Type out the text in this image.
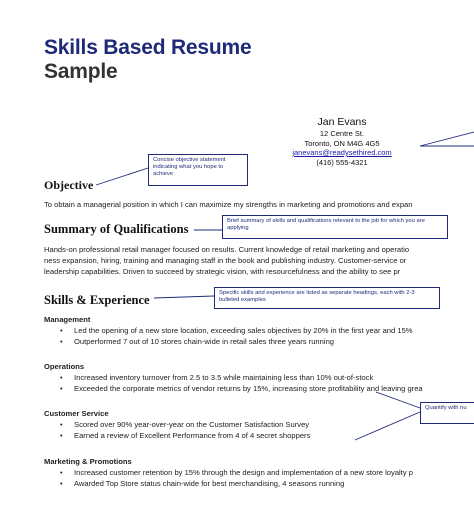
Skills Based Resume
Sample
Jan Evans
12 Centre St.
Toronto, ON M4G 4G5
janevans@readysethired.com
(416) 555-4321
Concise objective statement indicating what you hope to achieve
Brief summary of skills and qualifications relevant to the job for which you are applying
Specific skills and experience are listed as separate headings, each with 2-3 bulleted examples
Quantify with nu
Objective
To obtain a managerial position in which I can maximize my strengths in marketing and promotions and expan
Summary of Qualifications
Hands-on professional retail manager focused on results. Current knowledge of retail marketing and operatio
ness expansion, hiring, training and managing staff in the book and publishing industry. Customer-service or
leadership capabilities. Driven to succeed by strategic vision, with resourcefulness and the ability to see pr
Skills & Experience
Management
• Led the opening of a new store location, exceeding sales objectives by 20% in the first year and 15%
• Outperformed 7 out of 10 stores chain-wide in retail sales three years running
Operations
• Increased inventory turnover from 2.5 to 3.5 while maintaining less than 10% out-of-stock
• Exceeded the corporate metrics of vendor returns by 15%, increasing store profitability and leaving grea
Customer Service
• Scored over 90% year-over-year on the Customer Satisfaction Survey
• Earned a review of Excellent Performance from 4 of 4 secret shoppers
Marketing & Promotions
• Increased customer retention by 15% through the design and implementation of a new store loyalty p
• Awarded Top Store status chain-wide for best merchandising, 4 seasons running
